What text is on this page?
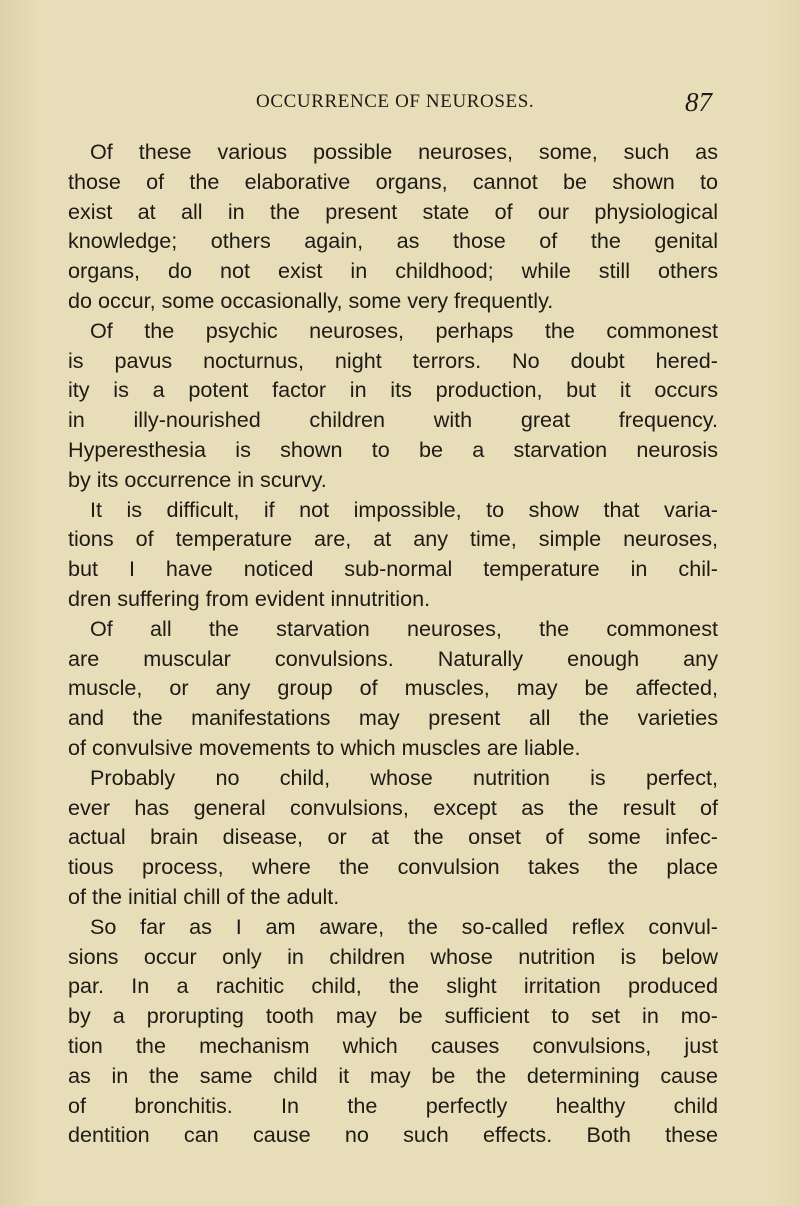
OCCURRENCE OF NEUROSES.	87
Of these various possible neuroses, some, such as
those of the elaborative organs, cannot be shown to
exist at all in the present state of our physiological
knowledge; others again, as those of the genital
organs, do not exist in childhood; while still others
do occur, some occasionally, some very frequently.
Of the psychic neuroses, perhaps the commonest
is pavus nocturnus, night terrors. No doubt hered-
ity is a potent factor in its production, but it occurs
in illy-nourished children with great frequency.
Hyperesthesia is shown to be a starvation neurosis
by its occurrence in scurvy.
It is difficult, if not impossible, to show that varia-
tions of temperature are, at any time, simple neuroses,
but I have noticed sub-normal temperature in chil-
dren suffering from evident innutrition.
Of all the starvation neuroses, the commonest
are muscular convulsions. Naturally enough any
muscle, or any group of muscles, may be affected,
and the manifestations may present all the varieties
of convulsive movements to which muscles are liable.
Probably no child, whose nutrition is perfect,
ever has general convulsions, except as the result of
actual brain disease, or at the onset of some infec-
tious process, where the convulsion takes the place
of the initial chill of the adult.
So far as I am aware, the so-called reflex convul-
sions occur only in children whose nutrition is below
par. In a rachitic child, the slight irritation produced
by a prorupting tooth may be sufficient to set in mo-
tion the mechanism which causes convulsions, just
as in the same child it may be the determining cause
of bronchitis. In the perfectly healthy child
dentition can cause no such effects. Both these
